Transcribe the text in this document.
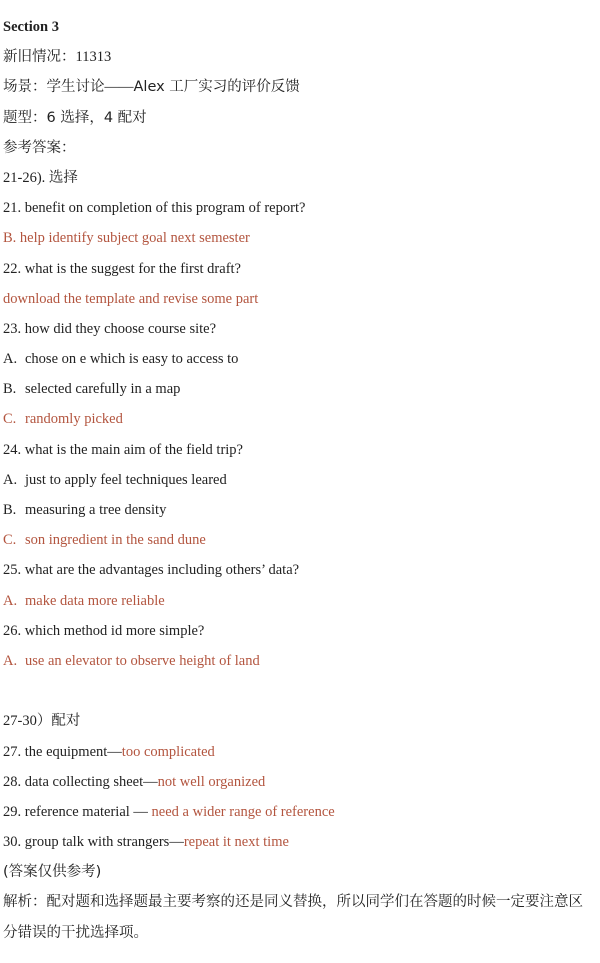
Section 3
新旧情况：11313
场景：学生讨论——Alex 工厂实习的评价反馈
题型：6 选择，4 配对
参考答案：
21-26). 选择
21. benefit on completion of this program of report?
B. help identify subject goal next semester
22. what is the suggest for the first draft?
download the template and revise some part
23. how did they choose course site?
A. chose on e which is easy to access to
B. selected carefully in a map
C. randomly picked
24. what is the main aim of the field trip?
A. just to apply feel techniques leared
B. measuring a tree density
C. son ingredient in the sand dune
25. what are the advantages including others’ data?
A. make data more reliable
26. which method id more simple?
A. use an elevator to observe height of land
27-30）配对
27. the equipment—too complicated
28. data collecting sheet—not well organized
29. reference material — need a wider range of reference
30. group talk with strangers—repeat it next time
(答案仅供参考)
解析：配对题和选择题最主要考察的还是同义替换，所以同学们在答题的时候一定要注意区分错误的干扰选择项。
